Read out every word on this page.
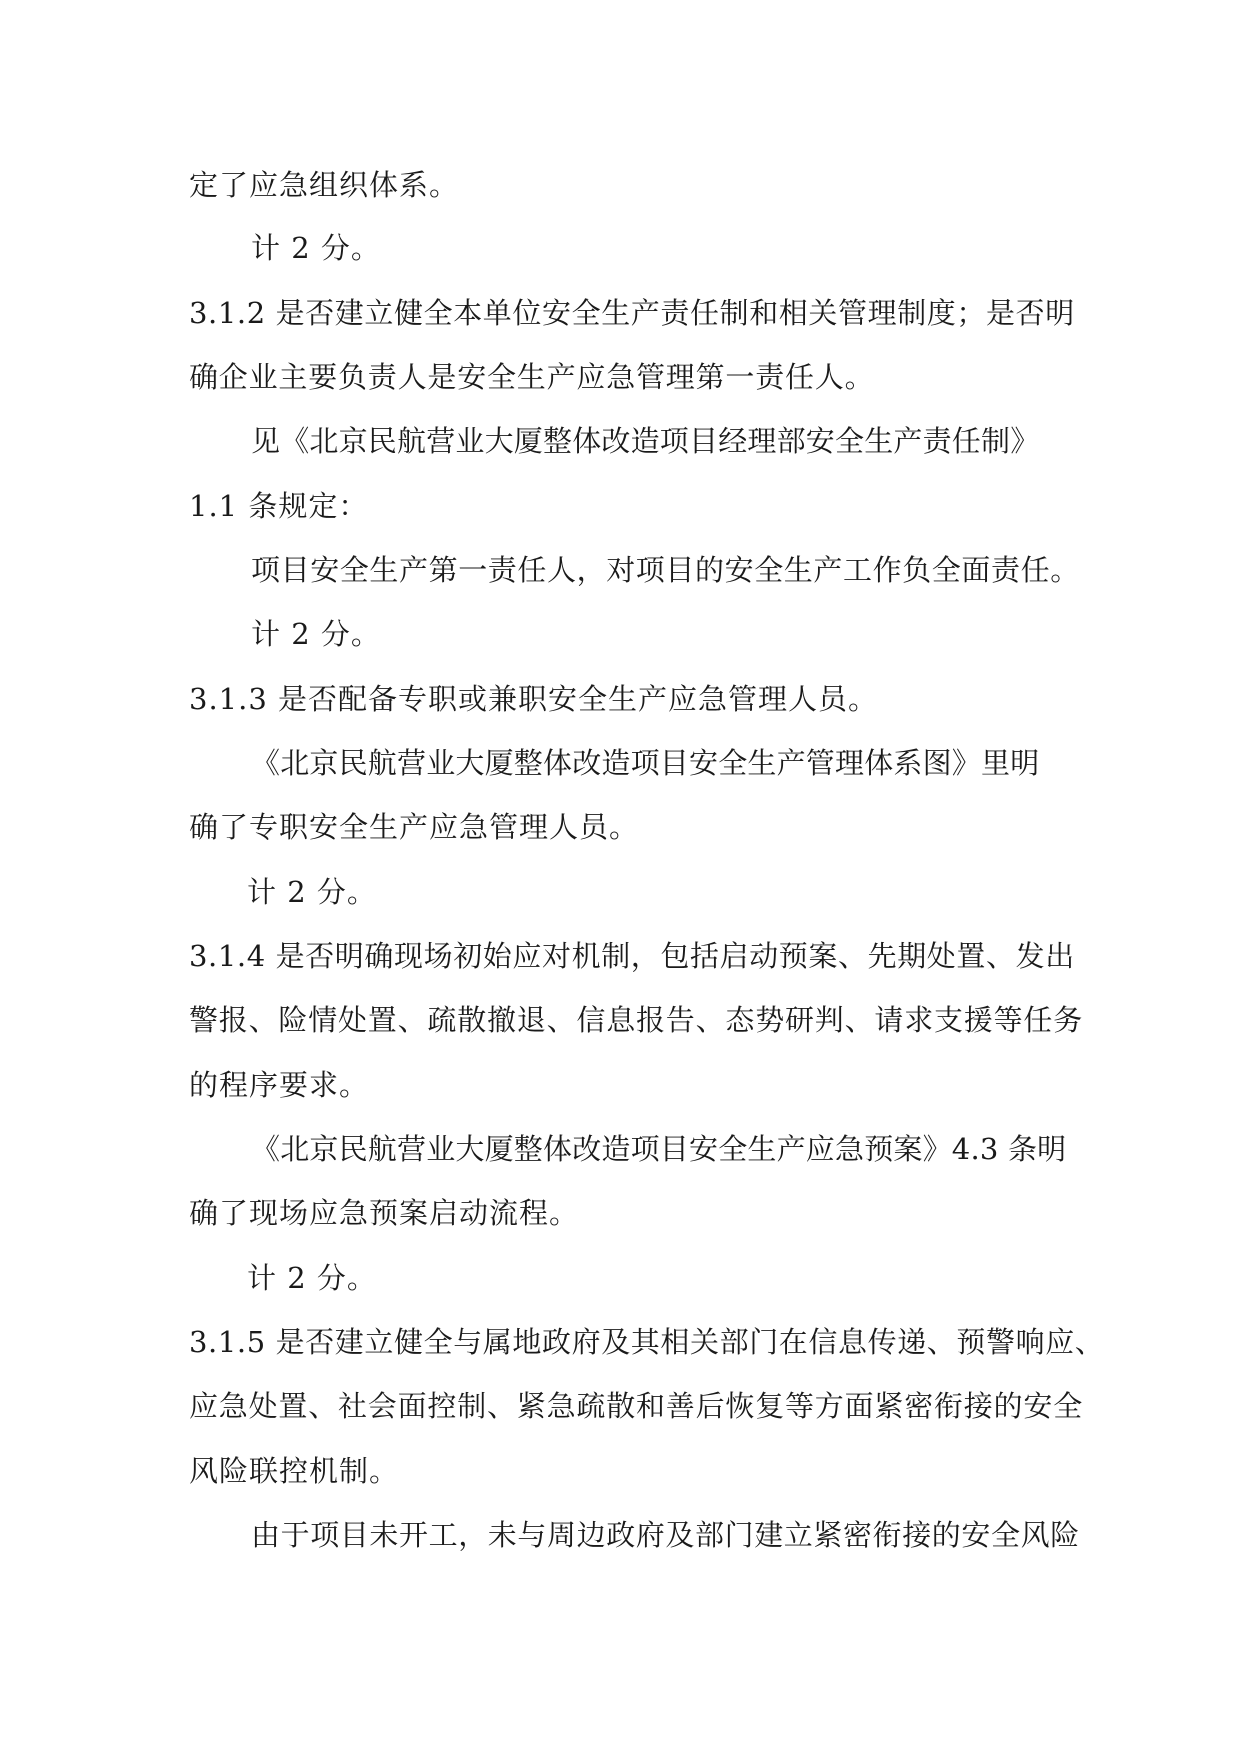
定了应急组织体系。
计 2 分。
3.1.2 是否建立健全本单位安全生产责任制和相关管理制度；是否明
确企业主要负责人是安全生产应急管理第一责任人。
见《北京民航营业大厦整体改造项目经理部安全生产责任制》
1.1 条规定：
项目安全生产第一责任人，对项目的安全生产工作负全面责任。
计 2 分。
3.1.3 是否配备专职或兼职安全生产应急管理人员。
《北京民航营业大厦整体改造项目安全生产管理体系图》里明
确了专职安全生产应急管理人员。
计 2 分。
3.1.4 是否明确现场初始应对机制，包括启动预案、先期处置、发出
警报、险情处置、疏散撤退、信息报告、态势研判、请求支援等任务
的程序要求。
《北京民航营业大厦整体改造项目安全生产应急预案》4.3 条明
确了现场应急预案启动流程。
计 2 分。
3.1.5 是否建立健全与属地政府及其相关部门在信息传递、预警响应、
应急处置、社会面控制、紧急疏散和善后恢复等方面紧密衔接的安全
风险联控机制。
由于项目未开工，未与周边政府及部门建立紧密衔接的安全风险
